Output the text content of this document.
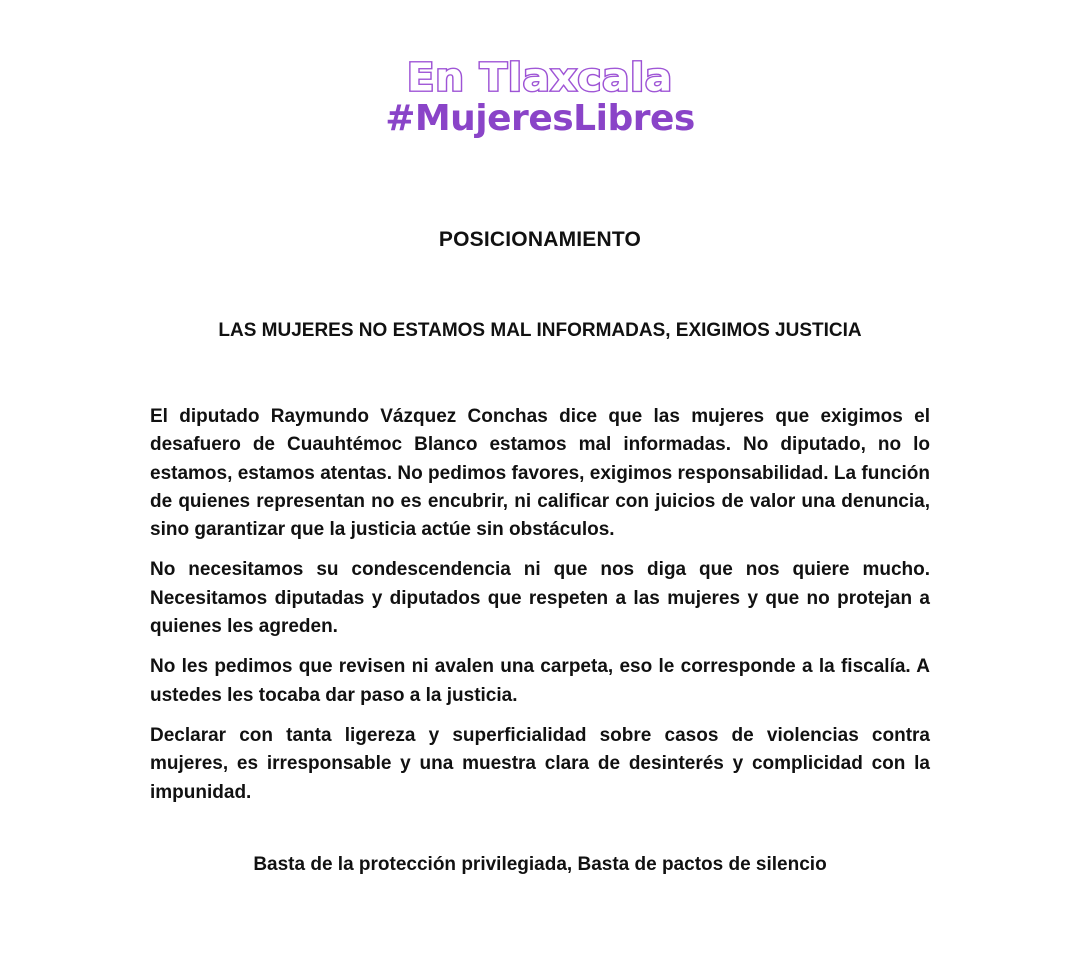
En Tlaxcala
#MujeresLibres
POSICIONAMIENTO
LAS MUJERES NO ESTAMOS MAL INFORMADAS, EXIGIMOS JUSTICIA

El diputado Raymundo Vázquez Conchas dice que las mujeres que exigimos el desafuero de Cuauhtémoc Blanco estamos mal informadas. No diputado, no lo estamos, estamos atentas. No pedimos favores, exigimos responsabilidad. La función de quienes representan no es encubrir, ni calificar con juicios de valor una denuncia, sino garantizar que la justicia actúe sin obstáculos.

No necesitamos su condescendencia ni que nos diga que nos quiere mucho. Necesitamos diputadas y diputados que respeten a las mujeres y que no protejan a quienes les agreden.

No les pedimos que revisen ni avalen una carpeta, eso le corresponde a la fiscalía. A ustedes les tocaba dar paso a la justicia.

Declarar con tanta ligereza y superficialidad sobre casos de violencias contra mujeres, es irresponsable y una muestra clara de desinterés y complicidad con la impunidad.

Basta de la protección privilegiada, Basta de pactos de silencio
